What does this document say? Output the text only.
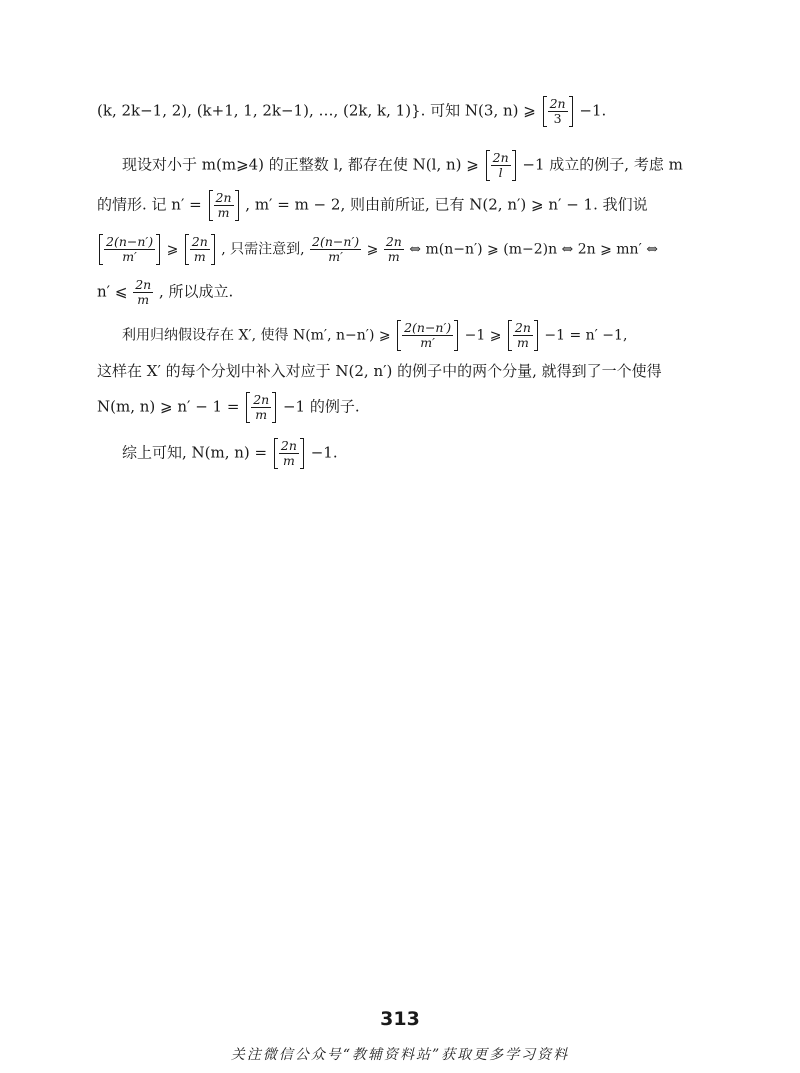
(k, 2k−1, 2), (k+1, 1, 2k−1), …, (2k, k, 1)}. 可知 N(3, n) ⩾ $\frac{2n}{3} -1$.
现设对小于 m(m⩾4) 的正整数 l, 都存在使 N(l, n) ⩾ $\frac{2n}{l} -1$ 成立的例子, 考虑 m
的情形. 记 $n' = \frac{2n}{m}$ , m′ = m − 2, 则由前所证, 已有 N(2, n′) ⩾ n′ − 1. 我们说
$\frac{2(n-n')}{m'}$ ⩾ $\frac{2n}{m}$ , 只需注意到, $\frac{2(n-n')}{m'}$ ⩾ $\frac{2n}{m}$ ⇔ m(n−n′) ⩾ (m−2)n ⇔ 2n ⩾ mn′ ⇔
n′ ⩽ $\frac{2n}{m}$ , 所以成立.
利用归纳假设存在 X′, 使得 N(m′, n−n′) ⩾ $\frac{2(n-n')}{m'} -1$ ⩾ $\frac{2n}{m} -1 = n' -1$,
这样在 X′ 的每个分划中补入对应于 N(2, n′) 的例子中的两个分量, 就得到了一个使得
N(m, n) ⩾ $n' - 1 = \frac{2n}{m} -1$ 的例子.
综上可知, N(m, $n) = \frac{2n}{m} -1$.
313
关注微信公众号“教辅资料站”获取更多学习资料
